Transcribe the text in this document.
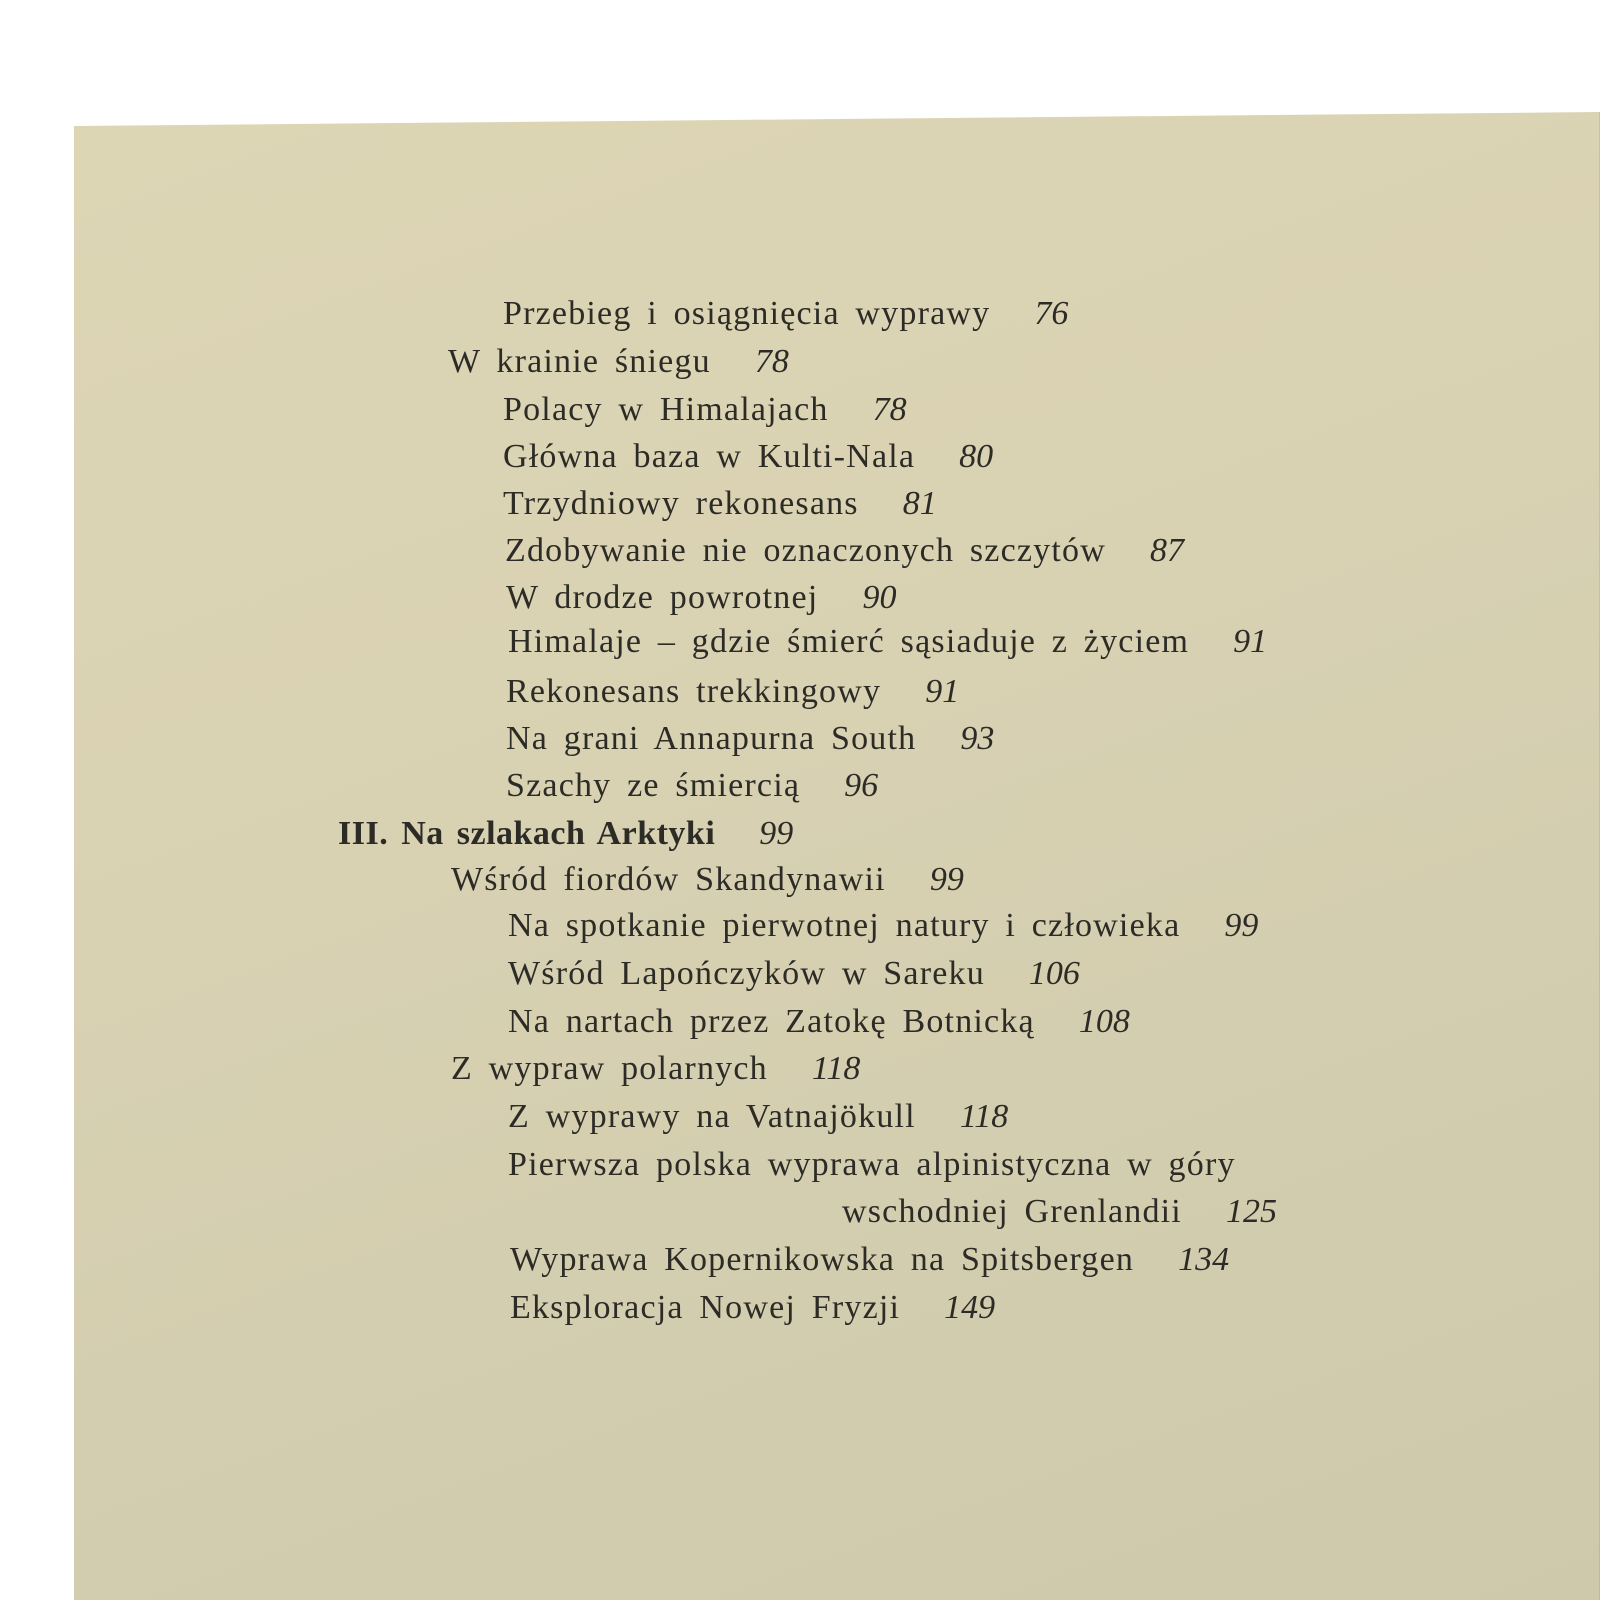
Przebieg i osiągnięcia wyprawy 76
W krainie śniegu 78
Polacy w Himalajach 78
Główna baza w Kulti-Nala 80
Trzydniowy rekonesans 81
Zdobywanie nie oznaczonych szczytów 87
W drodze powrotnej 90
Himalaje – gdzie śmierć sąsiaduje z życiem 91
Rekonesans trekkingowy 91
Na grani Annapurna South 93
Szachy ze śmiercią 96
III. Na szlakach Arktyki 99
Wśród fiordów Skandynawii 99
Na spotkanie pierwotnej natury i człowieka 99
Wśród Lapończyków w Sareku 106
Na nartach przez Zatokę Botnicką 108
Z wypraw polarnych 118
Z wyprawy na Vatnajökull 118
Pierwsza polska wyprawa alpinistyczna w góry
wschodniej Grenlandii 125
Wyprawa Kopernikowska na Spitsbergen 134
Eksploracja Nowej Fryzji 149
